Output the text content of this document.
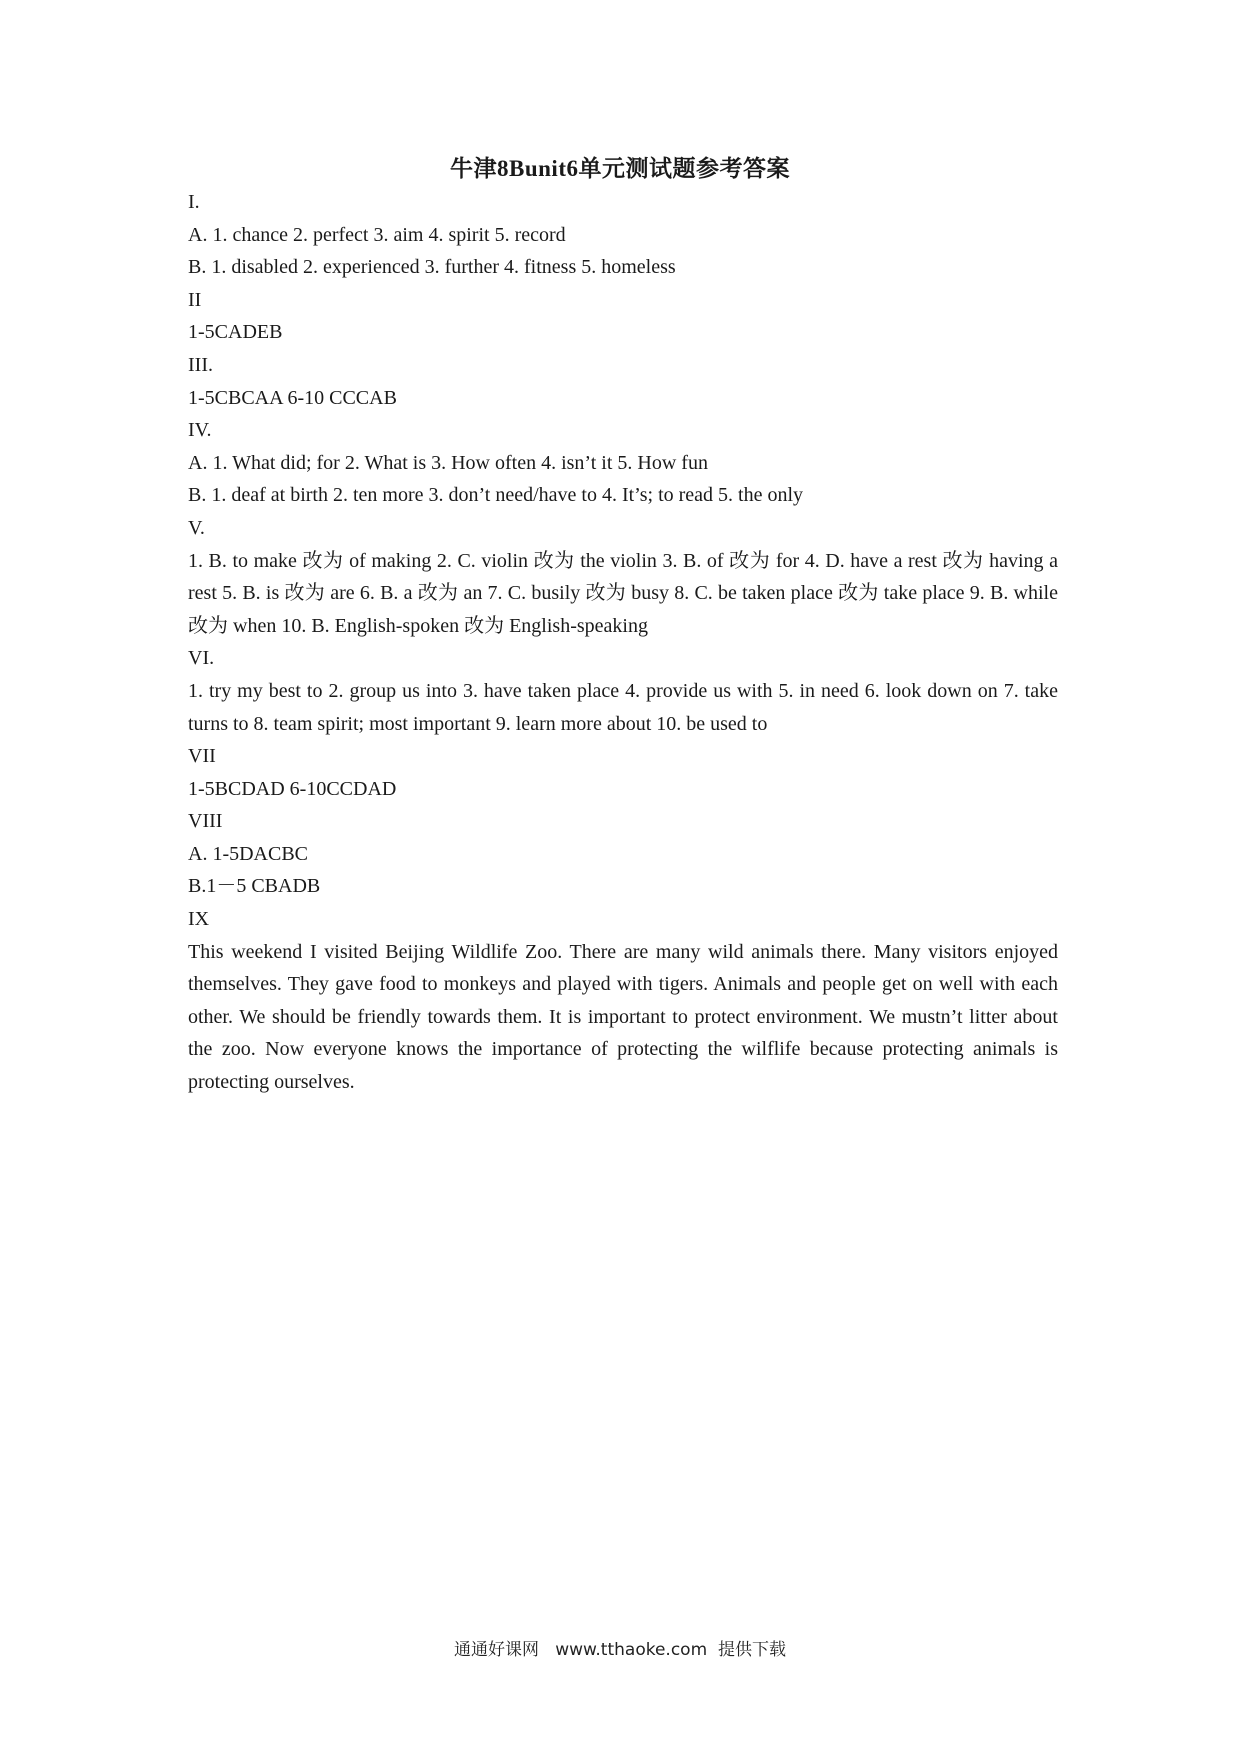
牛津8Bunit6单元测试题参考答案
I.
A. 1. chance 2. perfect 3. aim 4. spirit 5. record
B. 1. disabled 2. experienced 3. further 4. fitness 5. homeless
II
1-5CADEB
III.
1-5CBCAA 6-10 CCCAB
IV.
A. 1. What did; for 2. What is 3. How often 4. isn’t it 5. How fun
B. 1. deaf at birth 2. ten more 3. don’t need/have to 4. It’s; to read 5. the only
V.
1. B. to make 改为 of making 2. C. violin 改为 the violin 3. B. of 改为 for 4. D. have a rest 改为 having a rest 5. B. is 改为 are 6. B. a 改为 an 7. C. busily 改为 busy 8. C. be taken place 改为 take place 9. B. while 改为 when 10. B. English-spoken 改为 English-speaking
VI.
1. try my best to 2. group us into 3. have taken place 4. provide us with 5. in need 6. look down on 7. take turns to 8. team spirit; most important 9. learn more about 10. be used to
VII
1-5BCDAD 6-10CCDAD
VIII
A. 1-5DACBC
B.1－5 CBADB
IX
This weekend I visited Beijing Wildlife Zoo. There are many wild animals there. Many visitors enjoyed themselves. They gave food to monkeys and played with tigers. Animals and people get on well with each other. We should be friendly towards them. It is important to protect environment. We mustn’t litter about the zoo. Now everyone knows the importance of protecting the wilflife because protecting animals is protecting ourselves.
通通好课网   www.tthaoke.com  提供下载
